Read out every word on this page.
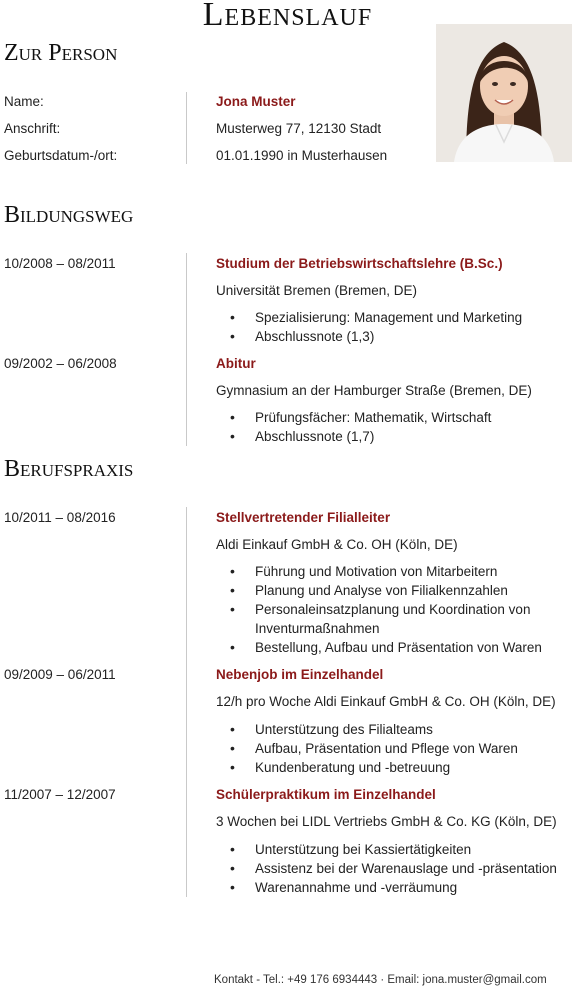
Lebenslauf
Zur Person
Name:	Jona Muster
Anschrift:	Musterweg 77, 12130 Stadt
Geburtsdatum-/ort:	01.01.1990 in Musterhausen
Bildungsweg
10/2008 – 08/2011	Studium der Betriebswirtschaftslehre (B.Sc.)
Universität Bremen (Bremen, DE)
• Spezialisierung: Management und Marketing
• Abschlussnote (1,3)
09/2002 – 06/2008	Abitur
Gymnasium an der Hamburger Straße (Bremen, DE)
• Prüfungsfächer: Mathematik, Wirtschaft
• Abschlussnote (1,7)
Berufspraxis
10/2011 – 08/2016	Stellvertretender Filialleiter
Aldi Einkauf GmbH & Co. OH (Köln, DE)
• Führung und Motivation von Mitarbeitern
• Planung und Analyse von Filialkennzahlen
• Personaleinsatzplanung und Koordination von Inventurmaßnahmen
• Bestellung, Aufbau und Präsentation von Waren
09/2009 – 06/2011	Nebenjob im Einzelhandel
12/h pro Woche Aldi Einkauf GmbH & Co. OH (Köln, DE)
• Unterstützung des Filialteams
• Aufbau, Präsentation und Pflege von Waren
• Kundenberatung und -betreuung
11/2007 – 12/2007	Schülerpraktikum im Einzelhandel
3 Wochen bei LIDL Vertriebs GmbH & Co. KG (Köln, DE)
• Unterstützung bei Kassiertätigkeiten
• Assistenz bei der Warenauslage und -präsentation
• Warenannahme und -verräumung
Kontakt - Tel.: +49 176 6934443 · Email: jona.muster@gmail.com
